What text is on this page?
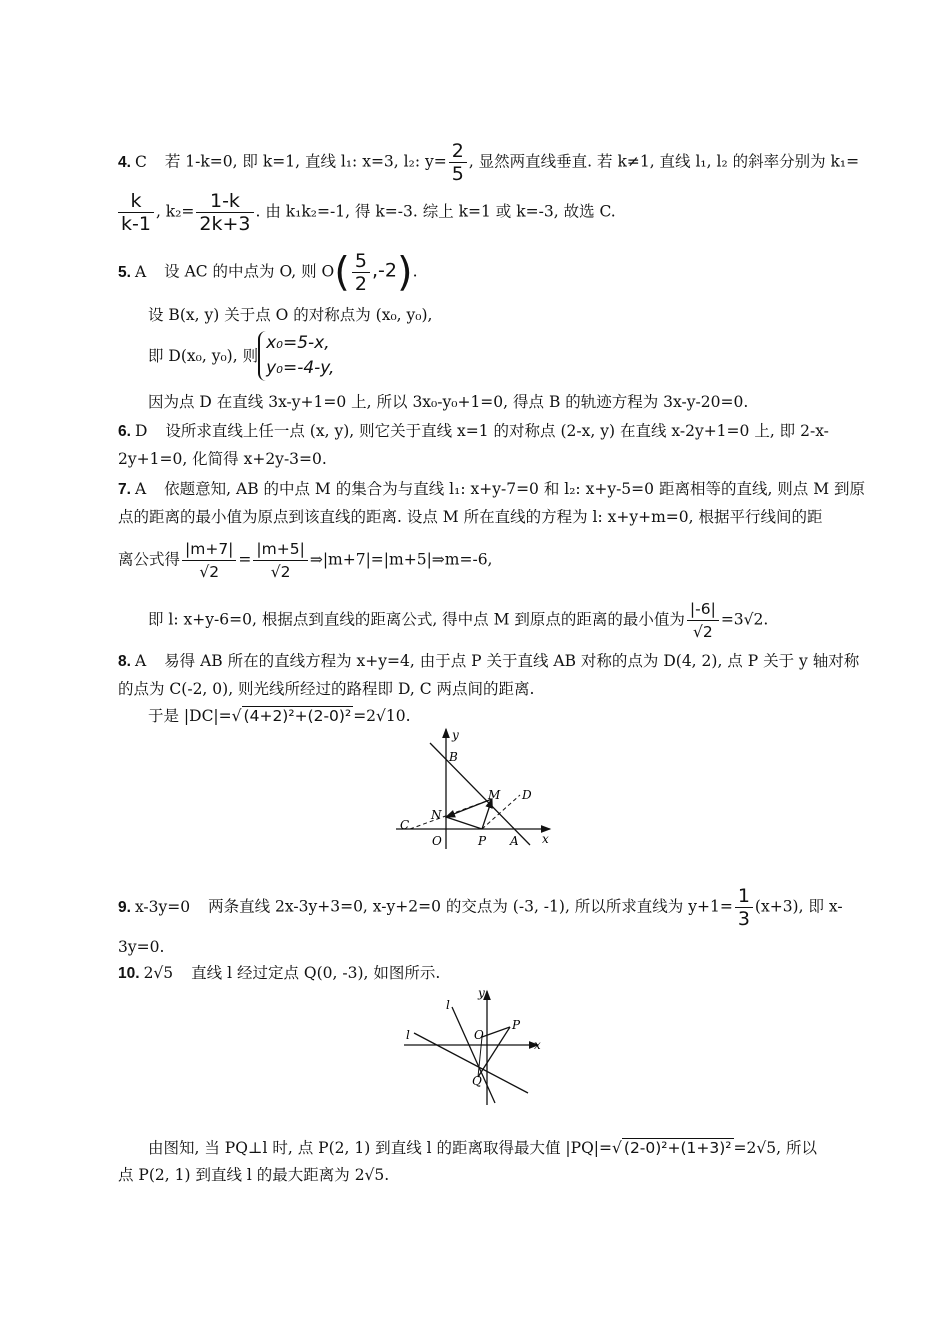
4. C 若 1-k=0, 即 k=1, 直线 l₁: x=3, l₂: $y= \frac{2}{5}$ , 显然两直线垂直. 若 k≠1, 直线 l₁, l₂ 的斜率分别为 k₁=
$\frac{k}{k-1}$ , $k_2= \frac{1-k}{2k+3}$ . 由 k₁k₂=-1, 得 k=-3. 综上 k=1 或 k=-3, 故选 C.
5. A 设 AC 的中点为 O, 则 $O( \frac{5}{2} ,-2)$.
设 B(x, y) 关于点 O 的对称点为 (x₀, y₀),
即 D(x₀, y₀), 则
x₀=5-x,
y₀=-4-y,
因为点 D 在直线 3x-y+1=0 上, 所以 3x₀-y₀+1=0, 得点 B 的轨迹方程为 3x-y-20=0.
6. D 设所求直线上任一点 (x, y), 则它关于直线 x=1 的对称点 (2-x, y) 在直线 x-2y+1=0 上, 即 2-x-
2y+1=0, 化简得 x+2y-3=0.
7. A 依题意知, AB 的中点 M 的集合为与直线 l₁: x+y-7=0 和 l₂: x+y-5=0 距离相等的直线, 则点 M 到原
点的距离的最小值为原点到该直线的距离. 设点 M 所在直线的方程为 l: x+y+m=0, 根据平行线间的距
离公式得 $\frac{|m+7|}{√2} = \frac{|m+5|}{√2}$ ⇒|m+7|=|m+5|⇒m=-6,
即 l: x+y-6=0, 根据点到直线的距离公式, 得中点 M 到原点的距离的最小值为 $\frac{|-6|}{√2} =3√2$.
8. A 易得 AB 所在的直线方程为 x+y=4, 由于点 P 关于直线 AB 对称的点为 D(4, 2), 点 P 关于 y 轴对称
的点为 C(-2, 0), 则光线所经过的路程即 D, C 两点间的距离.
于是 |DC|=√ (4+2)²+(2-0)² =2√10.
B
y
M D
N
C
O	P A x
9. x-3y=0 两条直线 2x-3y+3=0, x-y+2=0 的交点为 (-3, -1), 所以所求直线为 $y+1= \frac{1}{3} (x+3)$, 即 x-
3y=0.
10. 2√5 直线 l 经过定点 Q(0, -3), 如图所示.
y
l
l	O
P
x
Q
由图知, 当 PQ⊥l 时, 点 P(2, 1) 到直线 l 的距离取得最大值 |PQ|=√ (2-0)²+(1+3)² =2√5, 所以
点 P(2, 1) 到直线 l 的最大距离为 2√5.
